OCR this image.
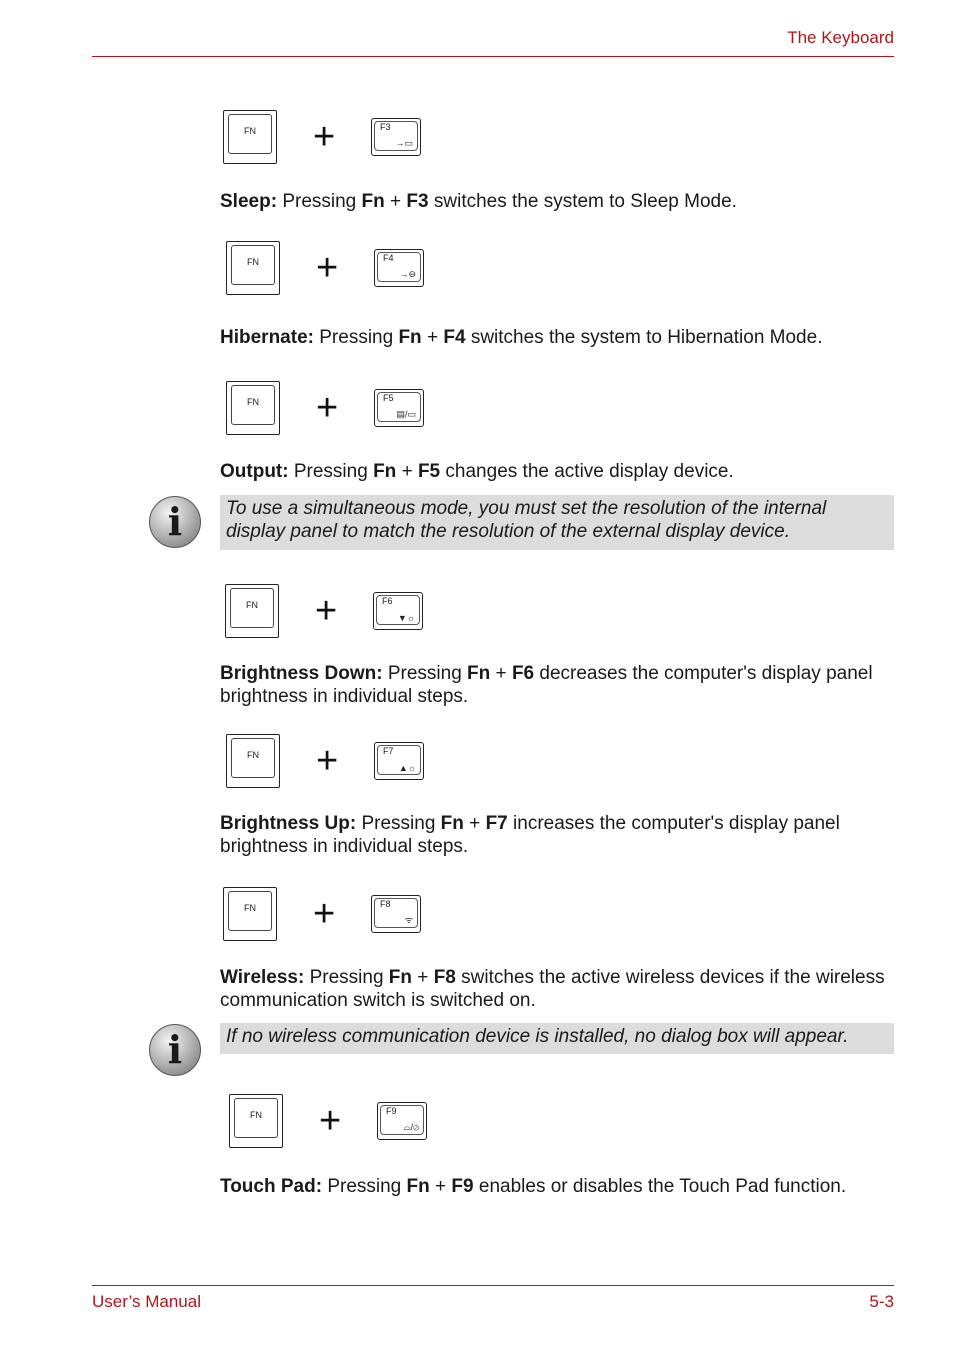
The Keyboard
FN +	F3
→▭

Sleep: Pressing Fn + F3 switches the system to Sleep Mode.

FN +	F4
→⊖

Hibernate: Pressing Fn + F4 switches the system to Hibernation Mode.

FN +	F5
▤/▭

Output: Pressing Fn + F5 changes the active display device.

i	To use a simultaneous mode, you must set the resolution of the internal display panel to match the resolution of the external display device.
FN +	F6
▼☼

Brightness Down: Pressing Fn + F6 decreases the computer's display panel brightness in individual steps.

FN +	F7
▲☼

Brightness Up: Pressing Fn + F7 increases the computer's display panel brightness in individual steps.

FN +	F8
ᯤ

Wireless: Pressing Fn + F8 switches the active wireless devices if the wireless communication switch is switched on.

i	If no wireless communication device is installed, no dialog box will appear.
FN +	F9
⌓/⊘

Touch Pad: Pressing Fn + F9 enables or disables the Touch Pad function.

User’s Manual	5-3
